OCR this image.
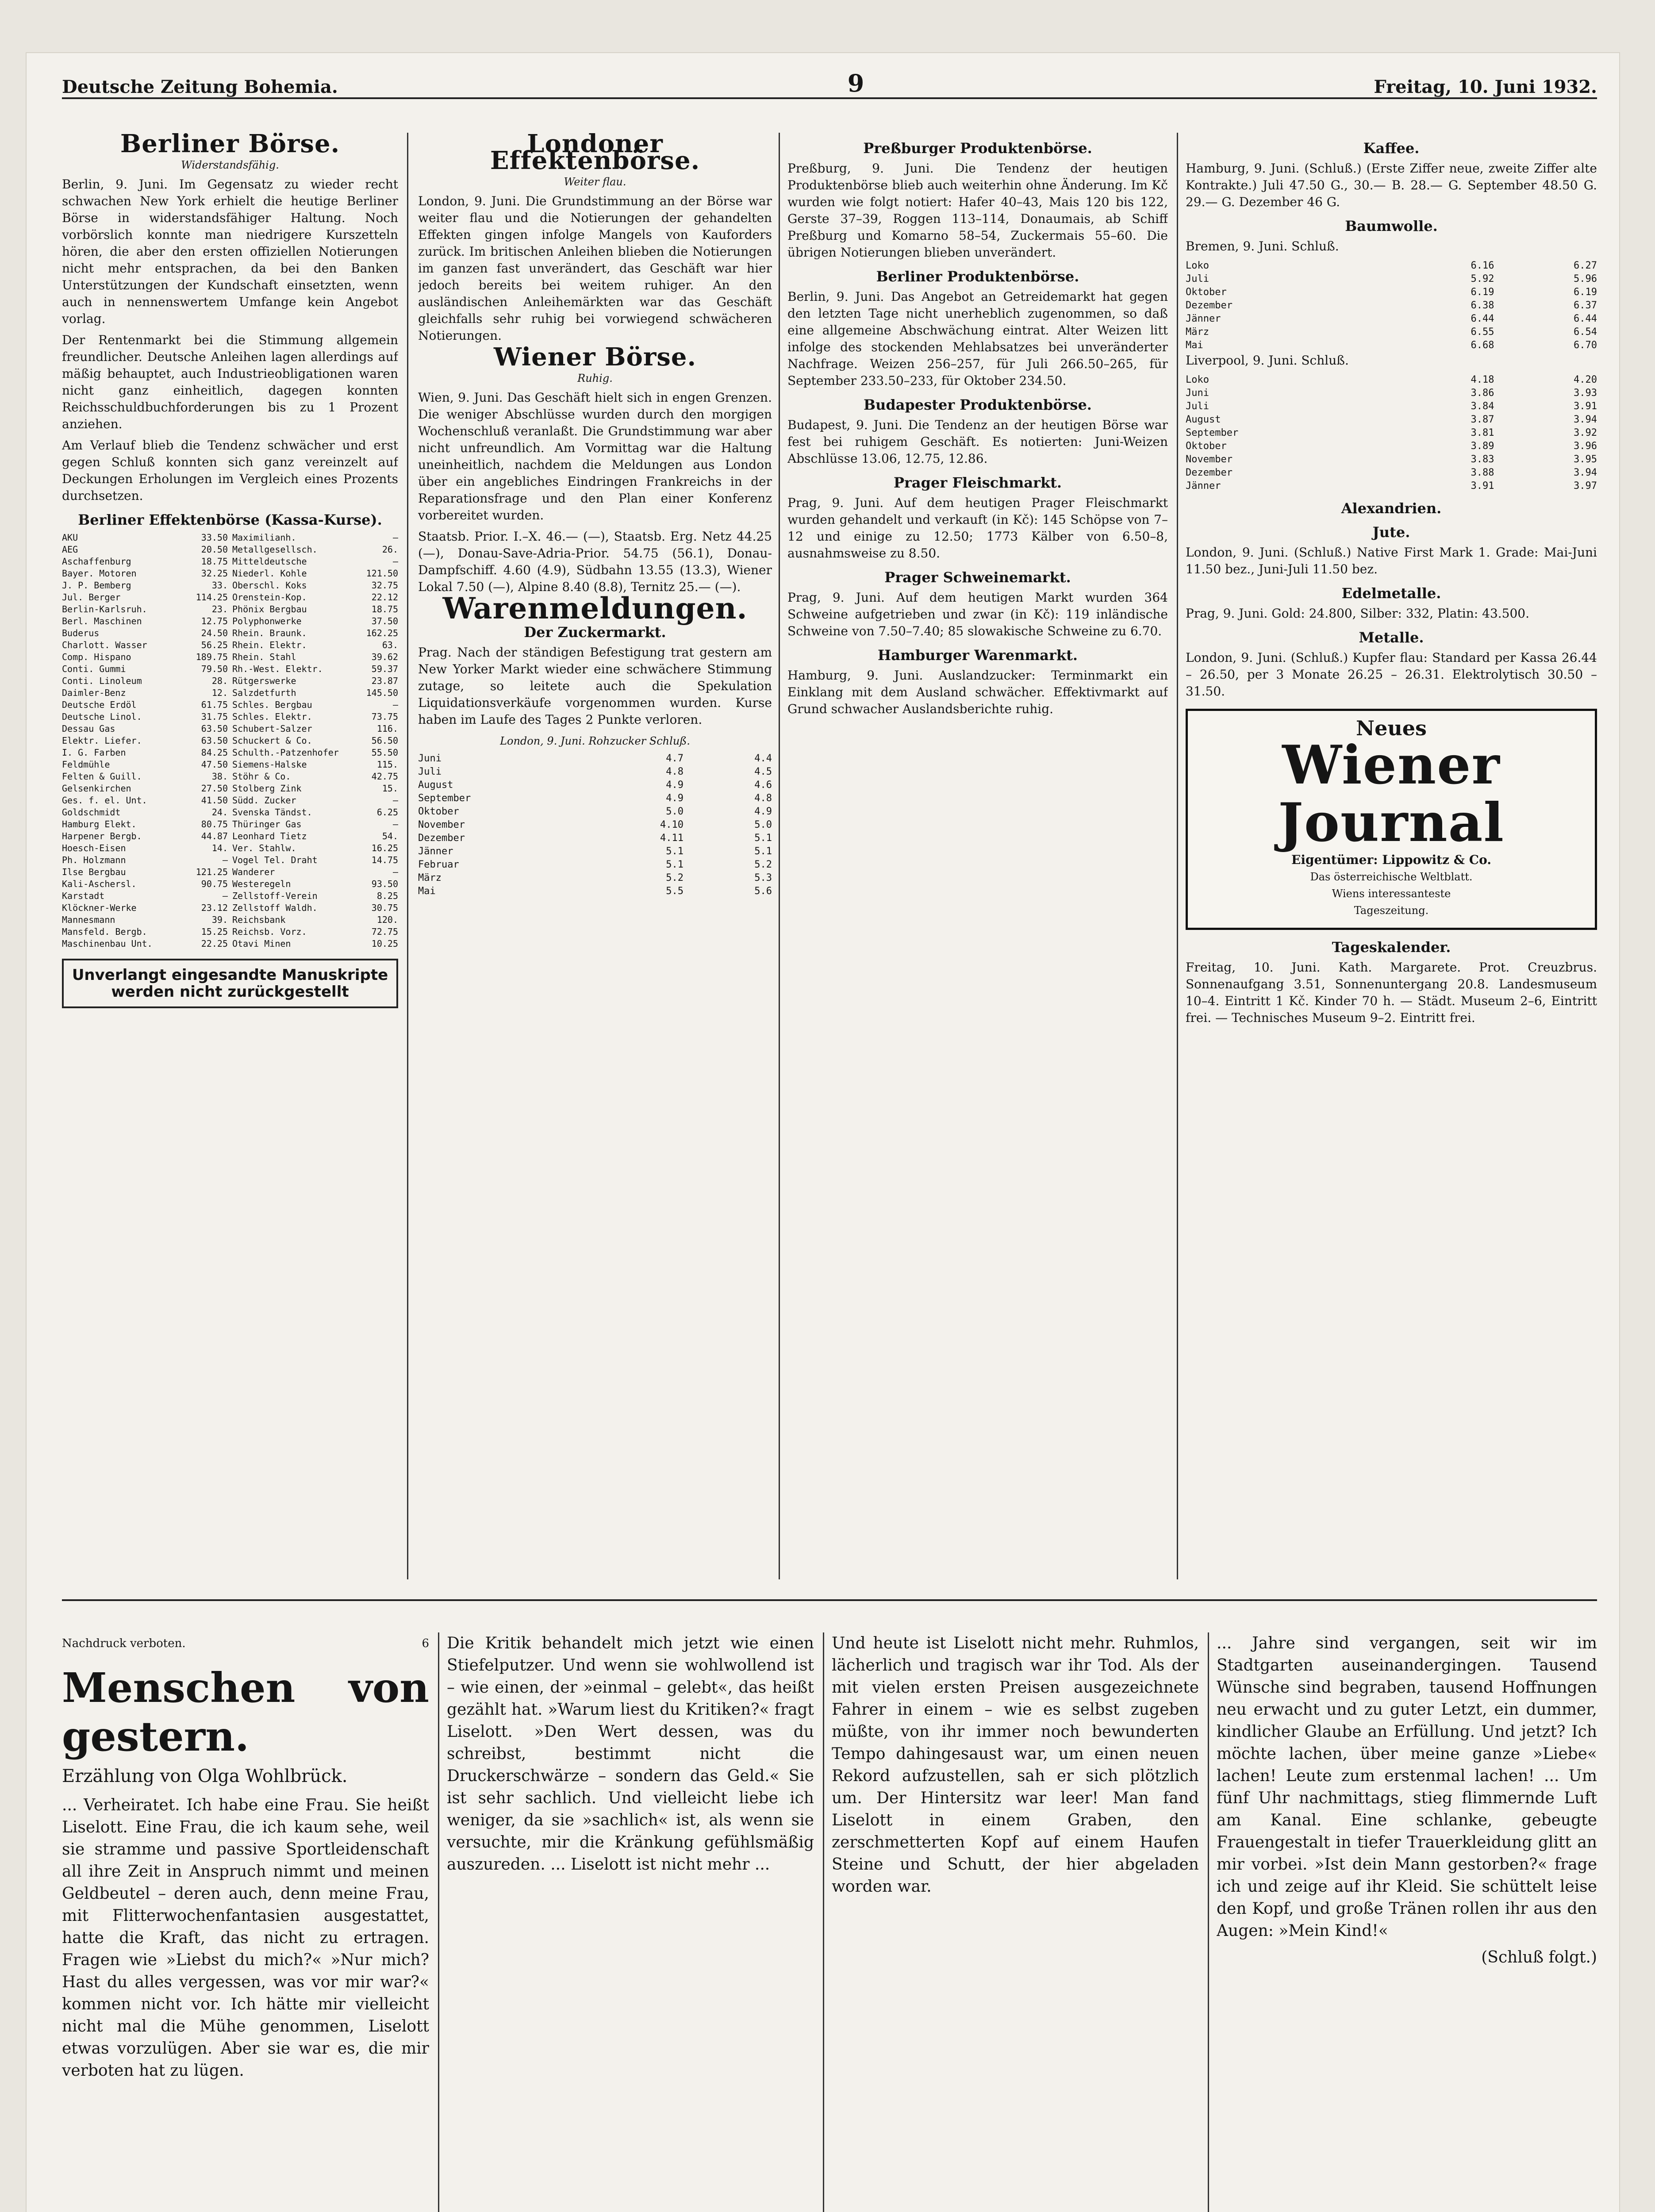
Deutsche Zeitung Bohemia.	9	Freitag, 10. Juni 1932.
Berliner Börse.
Widerstandsfähig.

Berlin, 9. Juni. Im Gegensatz zu wieder recht schwachen New York erhielt die heutige Berliner Börse in widerstandsfähiger Haltung. Noch vorbörslich konnte man niedrigere Kurszetteln hören, die aber den ersten offiziellen Notierungen nicht mehr entsprachen, da bei den Banken Unterstützungen der Kundschaft einsetzten, wenn auch in nennenswertem Umfange kein Angebot vorlag.

Der Rentenmarkt bei die Stimmung allgemein freundlicher. Deutsche Anleihen lagen allerdings auf mäßig behauptet, auch Industrieobligationen waren nicht ganz einheitlich, dagegen konnten Reichsschuldbuchforderungen bis zu 1 Prozent anziehen.

Am Verlauf blieb die Tendenz schwächer und erst gegen Schluß konnten sich ganz vereinzelt auf Deckungen Erholungen im Vergleich eines Prozents durchsetzen.

Berliner Effektenbörse (Kassa-Kurse).
AKU	33.50 Maximilianh.	–
AEG	20.50 Metallgesellsch.	26.
Aschaffenburg	18.75 Mitteldeutsche	–
Bayer. Motoren	32.25 Niederl. Kohle	121.50
J. P. Bemberg	33. Oberschl. Koks	32.75
Jul. Berger	114.25 Orenstein-Kop.	22.12
Berlin-Karlsruh.	23. Phönix Bergbau	18.75
Berl. Maschinen	12.75 Polyphonwerke	37.50
Buderus	24.50 Rhein. Braunk.	162.25
Charlott. Wasser	56.25 Rhein. Elektr.	63.
Comp. Hispano	189.75 Rhein. Stahl	39.62
Conti. Gummi	79.50 Rh.-West. Elektr.	59.37
Conti. Linoleum	28. Rütgerswerke	23.87
Daimler-Benz	12. Salzdetfurth	145.50
Deutsche Erdöl	61.75 Schles. Bergbau	–
Deutsche Linol.	31.75 Schles. Elektr.	73.75
Dessau Gas	63.50 Schubert-Salzer	116.
Elektr. Liefer.	63.50 Schuckert & Co.	56.50
I. G. Farben	84.25 Schulth.-Patzenhofer	55.50
Feldmühle	47.50 Siemens-Halske	115.
Felten & Guill.	38. Stöhr & Co.	42.75
Gelsenkirchen	27.50 Stolberg Zink	15.
Ges. f. el. Unt.	41.50 Südd. Zucker	–
Goldschmidt	24. Svenska Tändst.	6.25
Hamburg Elekt.	80.75 Thüringer Gas	–
Harpener Bergb.	44.87 Leonhard Tietz	54.
Hoesch-Eisen	14. Ver. Stahlw.	16.25
Ph. Holzmann	– Vogel Tel. Draht	14.75
Ilse Bergbau	121.25 Wanderer	–
Kali-Aschersl.	90.75 Westeregeln	93.50
Karstadt	– Zellstoff-Verein	8.25
Klöckner-Werke	23.12 Zellstoff Waldh.	30.75
Mannesmann	39. Reichsbank	120.
Mansfeld. Bergb.	15.25 Reichsb. Vorz.	72.75
Maschinenbau Unt.	22.25 Otavi Minen	10.25
Unverlangt eingesandte Manuskripte
werden nicht zurückgestellt
Londoner Effektenbörse.
Weiter flau.

London, 9. Juni. Die Grundstimmung an der Börse war weiter flau und die Notierungen der gehandelten Effekten gingen infolge Mangels von Kauforders zurück. Im britischen Anleihen blieben die Notierungen im ganzen fast unverändert, das Geschäft war hier jedoch bereits bei weitem ruhiger. An den ausländischen Anleihemärkten war das Geschäft gleichfalls sehr ruhig bei vorwiegend schwächeren Notierungen.

Wiener Börse.
Ruhig.

Wien, 9. Juni. Das Geschäft hielt sich in engen Grenzen. Die weniger Abschlüsse wurden durch den morgigen Wochenschluß veranlaßt. Die Grundstimmung war aber nicht unfreundlich. Am Vormittag war die Haltung uneinheitlich, nachdem die Meldungen aus London über ein angebliches Eindringen Frankreichs in der Reparationsfrage und den Plan einer Konferenz vorbereitet wurden.

Staatsb. Prior. I.–X. 46.— (—), Staatsb. Erg. Netz 44.25 (—), Donau-Save-Adria-Prior. 54.75 (56.1), Donau-Dampfschiff. 4.60 (4.9), Südbahn 13.55 (13.3), Wiener Lokal 7.50 (—), Alpine 8.40 (8.8), Ternitz 25.— (—).

Warenmeldungen.
Der Zuckermarkt.

Prag. Nach der ständigen Befestigung trat gestern am New Yorker Markt wieder eine schwächere Stimmung zutage, so leitete auch die Spekulation Liquidationsverkäufe vorgenommen wurden. Kurse haben im Laufe des Tages 2 Punkte verloren.

London, 9. Juni. Rohzucker Schluß.
Juni	4.7	4.4
Juli	4.8	4.5
August	4.9	4.6
September	4.9	4.8
Oktober	5.0	4.9
November	4.10	5.0
Dezember	4.11	5.1
Jänner	5.1	5.1
Februar	5.1	5.2
März	5.2	5.3
Mai	5.5	5.6
Preßburger Produktenbörse.

Preßburg, 9. Juni. Die Tendenz der heutigen Produktenbörse blieb auch weiterhin ohne Änderung. Im Kč wurden wie folgt notiert: Hafer 40–43, Mais 120 bis 122, Gerste 37–39, Roggen 113–114, Donaumais, ab Schiff Preßburg und Komarno 58–54, Zuckermais 55–60. Die übrigen Notierungen blieben unverändert.

Berliner Produktenbörse.

Berlin, 9. Juni. Das Angebot an Getreidemarkt hat gegen den letzten Tage nicht unerheblich zugenommen, so daß eine allgemeine Abschwächung eintrat. Alter Weizen litt infolge des stockenden Mehlabsatzes bei unveränderter Nachfrage. Weizen 256–257, für Juli 266.50–265, für September 233.50–233, für Oktober 234.50.

Budapester Produktenbörse.

Budapest, 9. Juni. Die Tendenz an der heutigen Börse war fest bei ruhigem Geschäft. Es notierten: Juni-Weizen Abschlüsse 13.06, 12.75, 12.86.

Prager Fleischmarkt.

Prag, 9. Juni. Auf dem heutigen Prager Fleischmarkt wurden gehandelt und verkauft (in Kč): 145 Schöpse von 7–12 und einige zu 12.50; 1773 Kälber von 6.50–8, ausnahmsweise zu 8.50.

Prager Schweinemarkt.

Prag, 9. Juni. Auf dem heutigen Markt wurden 364 Schweine aufgetrieben und zwar (in Kč): 119 inländische Schweine von 7.50–7.40; 85 slowakische Schweine zu 6.70.

Hamburger Warenmarkt.

Hamburg, 9. Juni. Auslandzucker: Terminmarkt ein Einklang mit dem Ausland schwächer. Effektivmarkt auf Grund schwacher Auslandsberichte ruhig.

Kaffee.

Hamburg, 9. Juni. (Schluß.) (Erste Ziffer neue, zweite Ziffer alte Kontrakte.) Juli 47.50 G., 30.— B. 28.— G. September 48.50 G. 29.— G. Dezember 46 G.

Baumwolle.

Bremen, 9. Juni. Schluß.

Loko	6.16	6.27
Juli	5.92	5.96
Oktober	6.19	6.19
Dezember	6.38	6.37
Jänner	6.44	6.44
März	6.55	6.54
Mai	6.68	6.70

Liverpool, 9. Juni. Schluß.

Loko	4.18	4.20
Juni	3.86	3.93
Juli	3.84	3.91
August	3.87	3.94
September	3.81	3.92
Oktober	3.89	3.96
November	3.83	3.95
Dezember	3.88	3.94
Jänner	3.91	3.97
Alexandrien.
Jute.

London, 9. Juni. (Schluß.) Native First Mark 1. Grade: Mai-Juni 11.50 bez., Juni-Juli 11.50 bez.

Edelmetalle.

Prag, 9. Juni. Gold: 24.800, Silber: 332, Platin: 43.500.

Metalle.

London, 9. Juni. (Schluß.) Kupfer flau: Standard per Kassa 26.44 – 26.50, per 3 Monate 26.25 – 26.31. Elektrolytisch 30.50 – 31.50.

Neues
Wiener Journal
Eigentümer: Lippowitz & Co.
Das österreichische Weltblatt.
Wiens interessanteste
Tageszeitung.
Tageskalender.

Freitag, 10. Juni. Kath. Margarete. Prot. Creuzbrus. Sonnenaufgang 3.51, Sonnenuntergang 20.8. Landesmuseum 10–4. Eintritt 1 Kč. Kinder 70 h. — Städt. Museum 2–6, Eintritt frei. — Technisches Museum 9–2. Eintritt frei.

Nachdruck verboten.	6
Menschen von gestern.
Erzählung von Olga Wohlbrück.

... Verheiratet. Ich habe eine Frau. Sie heißt Liselott. Eine Frau, die ich kaum sehe, weil sie stramme und passive Sportleidenschaft all ihre Zeit in Anspruch nimmt und meinen Geldbeutel – deren auch, denn meine Frau, mit Flitterwochenfantasien ausgestattet, hatte die Kraft, das nicht zu ertragen. Fragen wie »Liebst du mich?« »Nur mich? Hast du alles vergessen, was vor mir war?« kommen nicht vor. Ich hätte mir vielleicht nicht mal die Mühe genommen, Liselott etwas vorzulügen. Aber sie war es, die mir verboten hat zu lügen.

Die Kritik behandelt mich jetzt wie einen Stiefelputzer. Und wenn sie wohlwollend ist – wie einen, der »einmal – gelebt«, das heißt gezählt hat. »Warum liest du Kritiken?« fragt Liselott. »Den Wert dessen, was du schreibst, bestimmt nicht die Druckerschwärze – sondern das Geld.« Sie ist sehr sachlich. Und vielleicht liebe ich weniger, da sie »sachlich« ist, als wenn sie versuchte, mir die Kränkung gefühlsmäßig auszureden. ... Liselott ist nicht mehr ...

Und heute ist Liselott nicht mehr. Ruhmlos, lächerlich und tragisch war ihr Tod. Als der mit vielen ersten Preisen ausgezeichnete Fahrer in einem – wie es selbst zugeben müßte, von ihr immer noch bewunderten Tempo dahingesaust war, um einen neuen Rekord aufzustellen, sah er sich plötzlich um. Der Hintersitz war leer! Man fand Liselott in einem Graben, den zerschmetterten Kopf auf einem Haufen Steine und Schutt, der hier abgeladen worden war.

... Jahre sind vergangen, seit wir im Stadtgarten auseinandergingen. Tausend Wünsche sind begraben, tausend Hoffnungen neu erwacht und zu guter Letzt, ein dummer, kindlicher Glaube an Erfüllung. Und jetzt? Ich möchte lachen, über meine ganze »Liebe« lachen! Leute zum erstenmal lachen! ... Um fünf Uhr nachmittags, stieg flimmernde Luft am Kanal. Eine schlanke, gebeugte Frauengestalt in tiefer Trauerkleidung glitt an mir vorbei. »Ist dein Mann gestorben?« frage ich und zeige auf ihr Kleid. Sie schüttelt leise den Kopf, und große Tränen rollen ihr aus den Augen: »Mein Kind!«

(Schluß folgt.)
